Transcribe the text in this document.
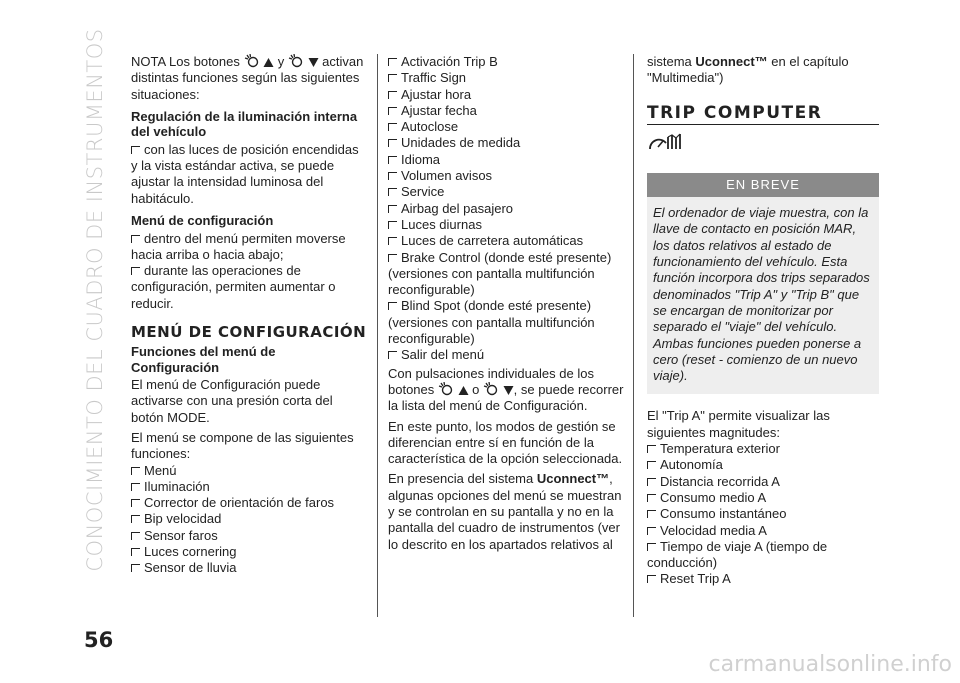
CONOCIMIENTO DEL CUADRO DE INSTRUMENTOS
56
carmanualsonline.info

NOTA Los botones	y	activan distintas funciones según las siguientes situaciones:

Regulación de la iluminación interna del vehículo

con las luces de posición encendidas y la vista estándar activa, se puede ajustar la intensidad luminosa del habitáculo.

Menú de configuración

dentro del menú permiten moverse hacia arriba o hacia abajo;

durante las operaciones de configuración, permiten aumentar o reducir.

MENÚ DE CONFIGURACIÓN
Funciones del menú de Configuración

El menú de Configuración puede activarse con una presión corta del botón MODE.

El menú se compone de las siguientes funciones:

Menú
Iluminación
Corrector de orientación de faros
Bip velocidad
Sensor faros
Luces cornering
Sensor de lluvia
Activación Trip B
Traffic Sign
Ajustar hora
Ajustar fecha
Autoclose
Unidades de medida
Idioma
Volumen avisos
Service
Airbag del pasajero
Luces diurnas
Luces de carretera automáticas
Brake Control (donde esté presente) (versiones con pantalla multifunción reconfigurable)
Blind Spot (donde esté presente) (versiones con pantalla multifunción reconfigurable)
Salir del menú

Con pulsaciones individuales de los botones	o	, se puede recorrer la lista del menú de Configuración.

En este punto, los modos de gestión se diferencian entre sí en función de la característica de la opción seleccionada.

En presencia del sistema Uconnect™, algunas opciones del menú se muestran y se controlan en su pantalla y no en la pantalla del cuadro de instrumentos (ver lo descrito en los apartados relativos al

sistema Uconnect™ en el capítulo "Multimedia")

TRIP COMPUTER
EN BREVE

El ordenador de viaje muestra, con la llave de contacto en posición MAR, los datos relativos al estado de funcionamiento del vehículo. Esta función incorpora dos trips separados denominados "Trip A" y "Trip B" que se encargan de monitorizar por separado el "viaje" del vehículo. Ambas funciones pueden ponerse a cero (reset - comienzo de un nuevo viaje).

El "Trip A" permite visualizar las siguientes magnitudes:

Temperatura exterior
Autonomía
Distancia recorrida A
Consumo medio A
Consumo instantáneo
Velocidad media A
Tiempo de viaje A (tiempo de conducción)
Reset Trip A
